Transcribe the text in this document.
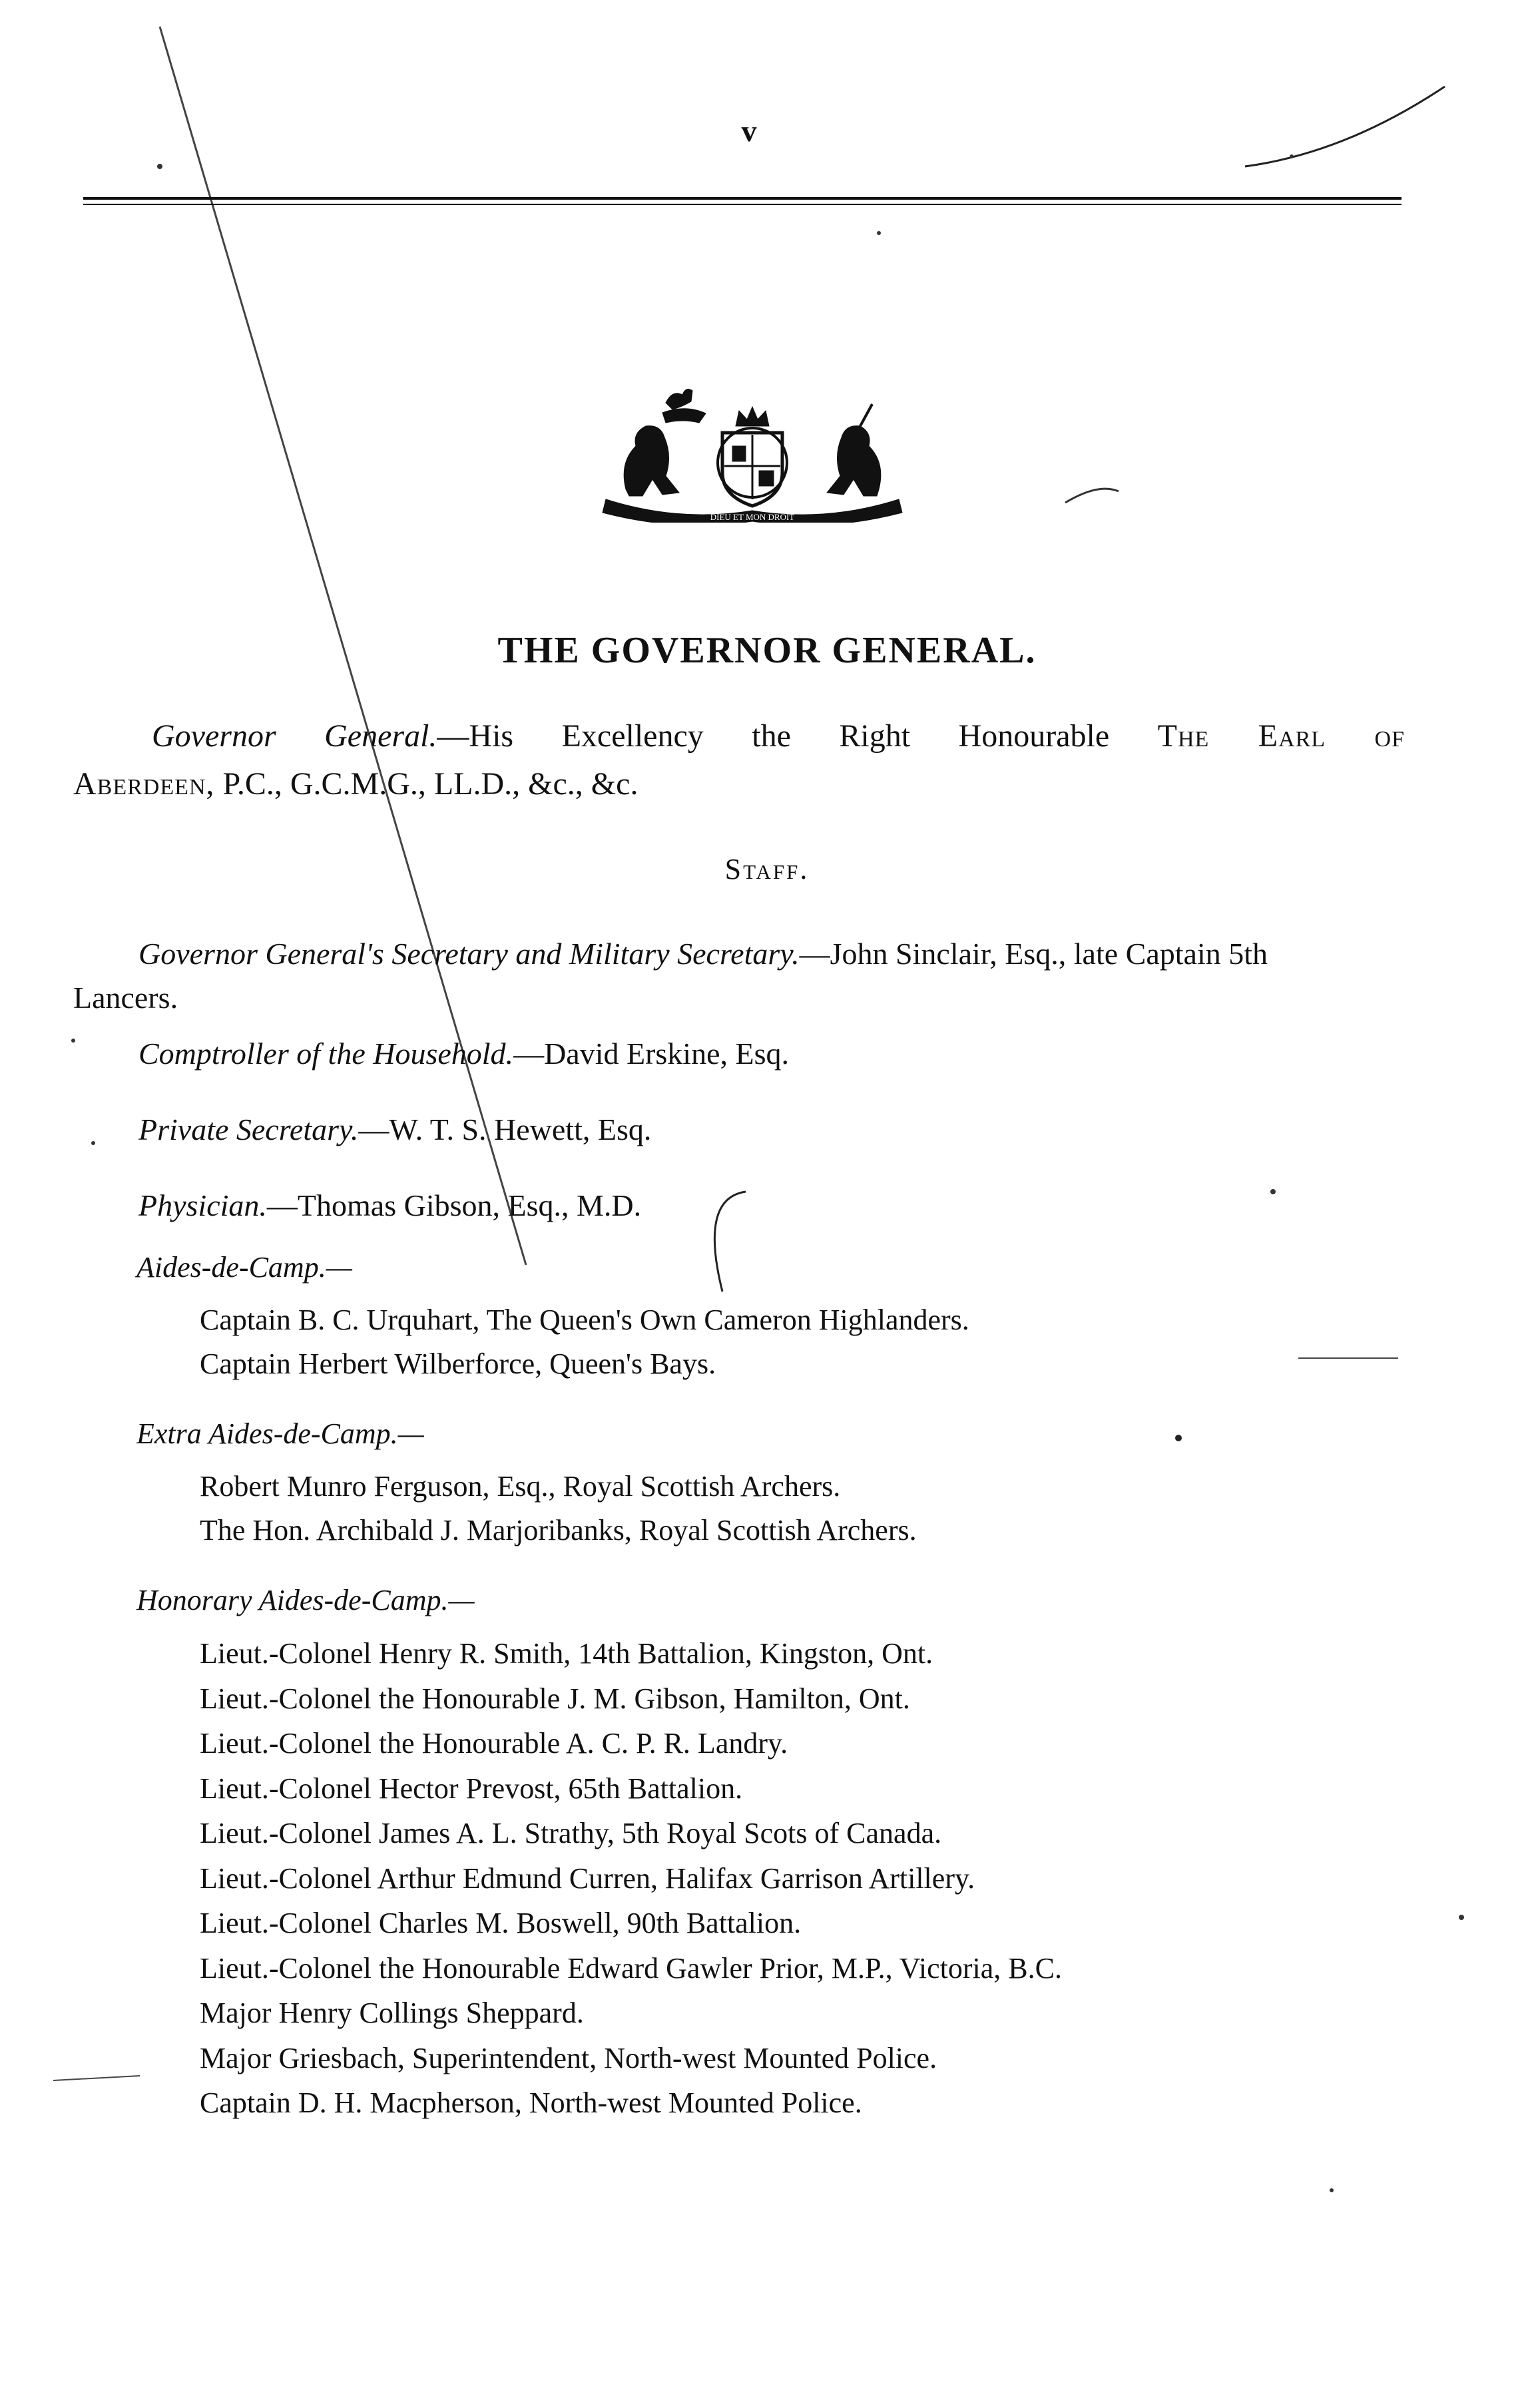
v
DIEU ET MON DROIT
THE GOVERNOR GENERAL.
Governor General.—His Excellency the Right Honourable The Earl of
Aberdeen, P.C., G.C.M.G., LL.D., &c., &c.
Staff.
Governor General's Secretary and Military Secretary.—John Sinclair, Esq., late Captain 5th
Lancers.
Comptroller of the Household.—David Erskine, Esq.
Private Secretary.—W. T. S. Hewett, Esq.
Physician.—Thomas Gibson, Esq., M.D.
Aides-de-Camp.—
Captain B. C. Urquhart, The Queen's Own Cameron Highlanders.
Captain Herbert Wilberforce, Queen's Bays.
Extra Aides-de-Camp.—
Robert Munro Ferguson, Esq., Royal Scottish Archers.
The Hon. Archibald J. Marjoribanks, Royal Scottish Archers.
Honorary Aides-de-Camp.—
Lieut.-Colonel Henry R. Smith, 14th Battalion, Kingston, Ont.
Lieut.-Colonel the Honourable J. M. Gibson, Hamilton, Ont.
Lieut.-Colonel the Honourable A. C. P. R. Landry.
Lieut.-Colonel Hector Prevost, 65th Battalion.
Lieut.-Colonel James A. L. Strathy, 5th Royal Scots of Canada.
Lieut.-Colonel Arthur Edmund Curren, Halifax Garrison Artillery.
Lieut.-Colonel Charles M. Boswell, 90th Battalion.
Lieut.-Colonel the Honourable Edward Gawler Prior, M.P., Victoria, B.C.
Major Henry Collings Sheppard.
Major Griesbach, Superintendent, North-west Mounted Police.
Captain D. H. Macpherson, North-west Mounted Police.
